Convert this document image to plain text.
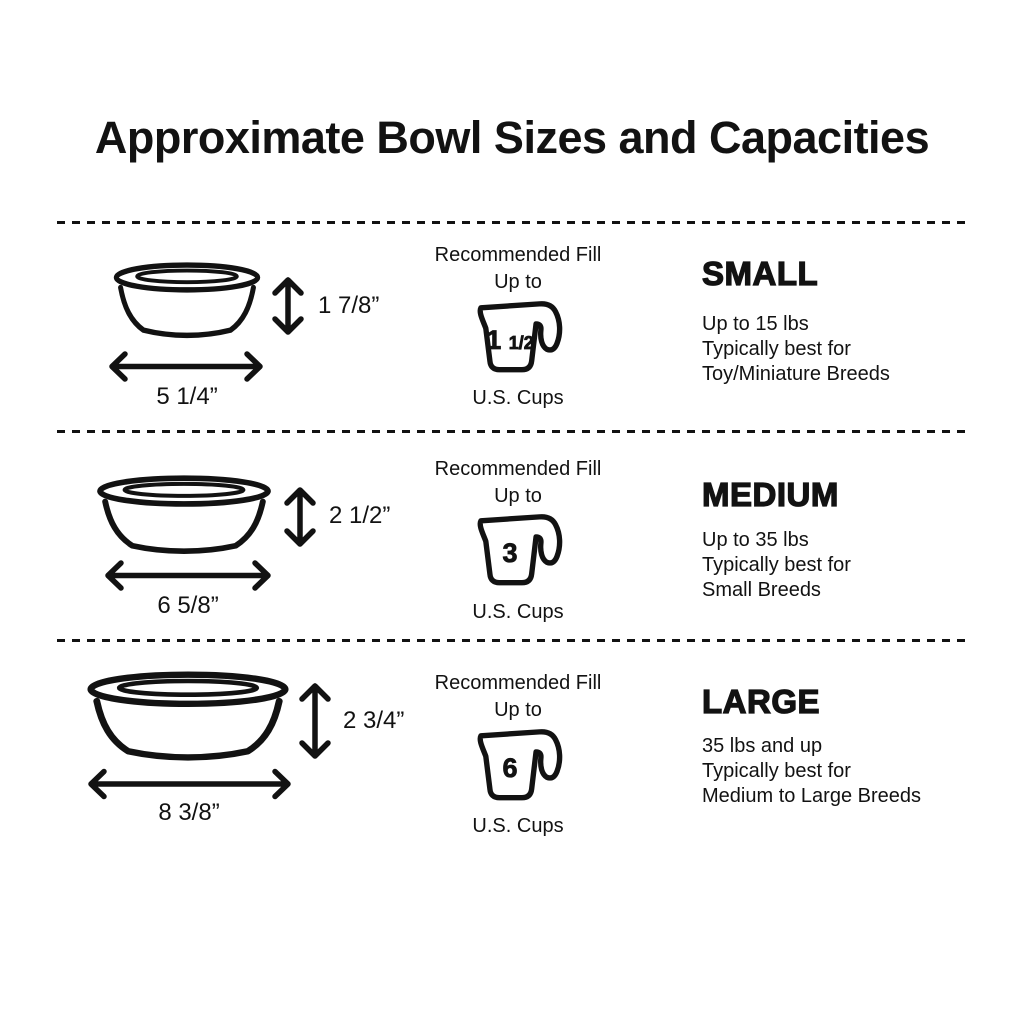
Approximate Bowl Sizes and Capacities
1 7/8”
5 1/4”
Recommended Fill
Up to
1 1/2
U.S. Cups
SMALL

Up to 15 lbs

Typically best for

Toy/Miniature Breeds

2 1/2”
6 5/8”
Recommended Fill
Up to
3
U.S. Cups
MEDIUM

Up to 35 lbs

Typically best for

Small Breeds

2 3/4”
8 3/8”
Recommended Fill
Up to
6
U.S. Cups
LARGE

35 lbs and up

Typically best for

Medium to Large Breeds
